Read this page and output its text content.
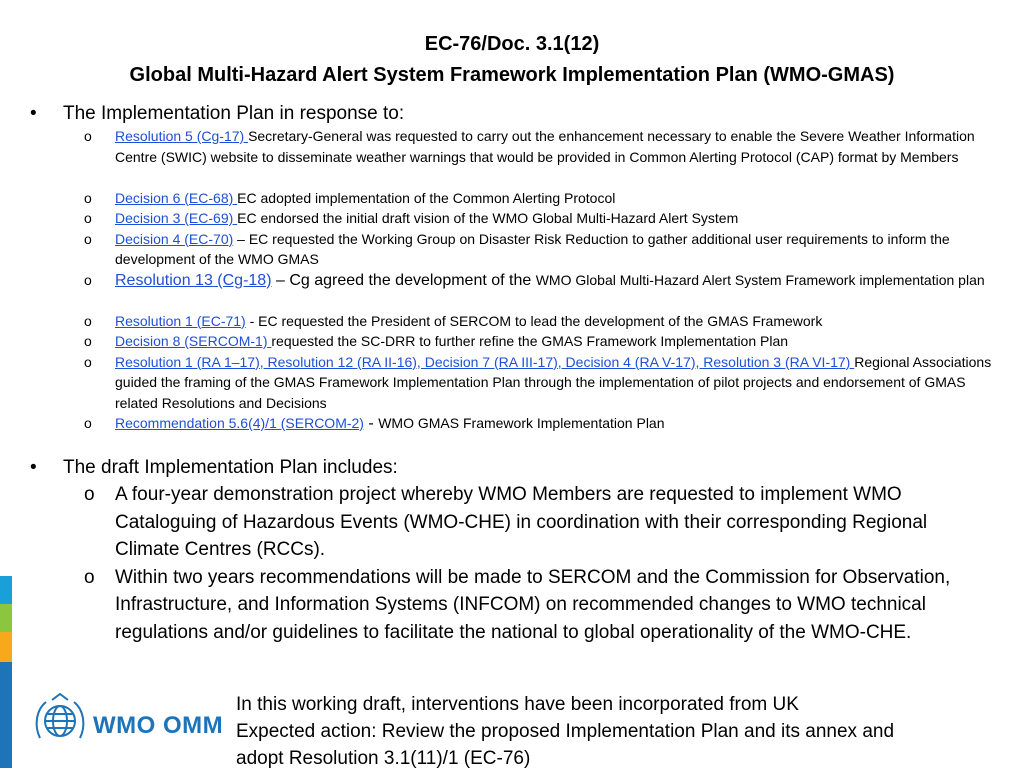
EC-76/Doc. 3.1(12)
Global Multi-Hazard Alert System Framework Implementation Plan (WMO-GMAS)
• The Implementation Plan in response to:
o Resolution 5 (Cg-17) Secretary-General was requested to carry out the enhancement necessary to enable the Severe Weather Information Centre (SWIC) website to disseminate weather warnings that would be provided in Common Alerting Protocol (CAP) format by Members
o Decision 6 (EC-68) EC adopted implementation of the Common Alerting Protocol
o Decision 3 (EC-69) EC endorsed the initial draft vision of the WMO Global Multi-Hazard Alert System
o Decision 4 (EC-70) – EC requested the Working Group on Disaster Risk Reduction to gather additional user requirements to inform the development of the WMO GMAS
o Resolution 13 (Cg-18) – Cg agreed the development of the WMO Global Multi-Hazard Alert System Framework implementation plan
o Resolution 1 (EC-71) - EC requested the President of SERCOM to lead the development of the GMAS Framework
o Decision 8 (SERCOM-1) requested the SC-DRR to further refine the GMAS Framework Implementation Plan
o Resolution 1 (RA 1–17), Resolution 12 (RA II-16), Decision 7 (RA III-17), Decision 4 (RA V-17), Resolution 3 (RA VI-17) Regional Associations guided the framing of the GMAS Framework Implementation Plan through the implementation of pilot projects and endorsement of GMAS related Resolutions and Decisions
o Recommendation 5.6(4)/1 (SERCOM-2) - WMO GMAS Framework Implementation Plan
• The draft Implementation Plan includes:
o A four-year demonstration project whereby WMO Members are requested to implement WMO Cataloguing of Hazardous Events (WMO-CHE) in coordination with their corresponding Regional Climate Centres (RCCs).
o Within two years recommendations will be made to SERCOM and the Commission for Observation, Infrastructure, and Information Systems (INFCOM) on recommended changes to WMO technical regulations and/or guidelines to facilitate the national to global operationality of the WMO-CHE.
WMO OMM
In this working draft, interventions have been incorporated from UK
Expected action: Review the proposed Implementation Plan and its annex and
adopt Resolution 3.1(11)/1 (EC-76)
